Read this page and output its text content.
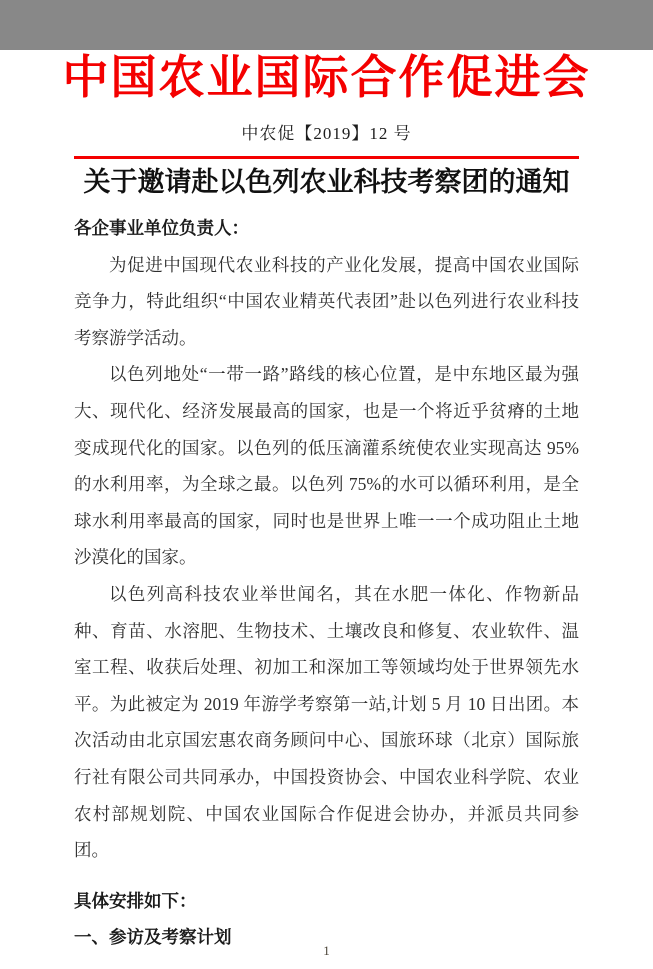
中国农业国际合作促进会
中农促【2019】12 号
关于邀请赴以色列农业科技考察团的通知

各企事业单位负责人：

为促进中国现代农业科技的产业化发展，提高中国农业国际竞争力，特此组织“中国农业精英代表团”赴以色列进行农业科技考察游学活动。

以色列地处“一带一路”路线的核心位置，是中东地区最为强大、现代化、经济发展最高的国家，也是一个将近乎贫瘠的土地变成现代化的国家。以色列的低压滴灌系统使农业实现高达 95%的水利用率，为全球之最。以色列 75%的水可以循环利用，是全球水利用率最高的国家，同时也是世界上唯一一个成功阻止土地沙漠化的国家。

以色列高科技农业举世闻名，其在水肥一体化、作物新品种、育苗、水溶肥、生物技术、土壤改良和修复、农业软件、温室工程、收获后处理、初加工和深加工等领域均处于世界领先水平。为此被定为 2019 年游学考察第一站,计划 5 月 10 日出团。本次活动由北京国宏惠农商务顾问中心、国旅环球（北京）国际旅行社有限公司共同承办，中国投资协会、中国农业科学院、农业农村部规划院、中国农业国际合作促进会协办，并派员共同参团。

具体安排如下：
一、参访及考察计划
1
